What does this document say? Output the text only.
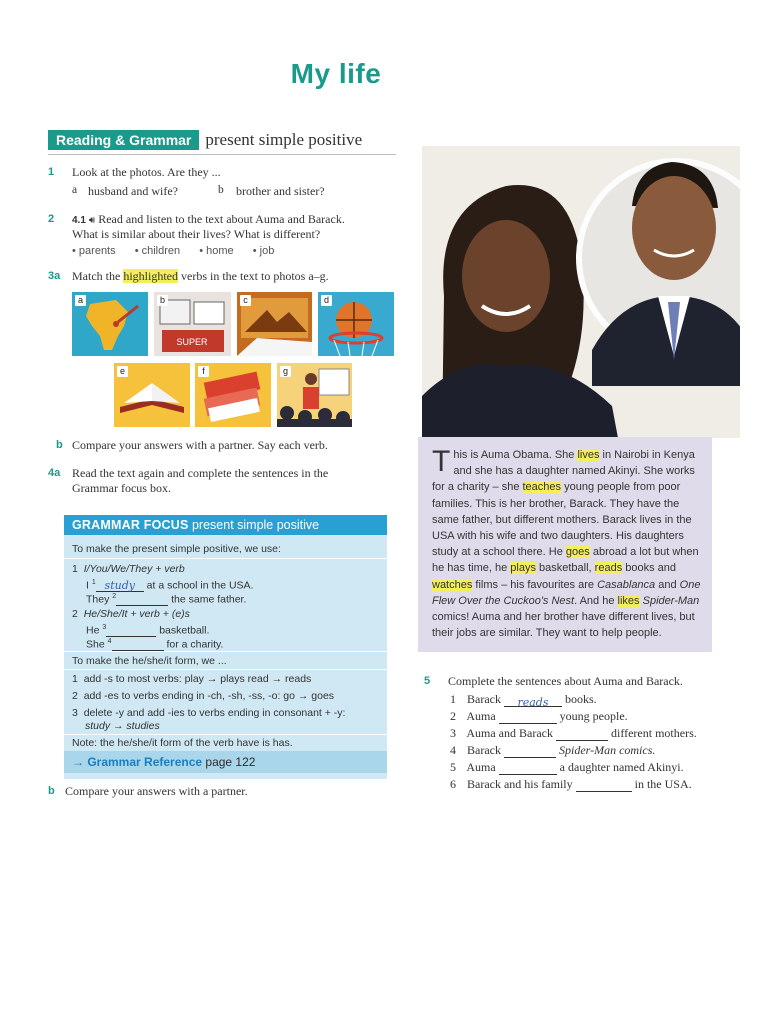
My life
Reading & Grammar present simple positive
1 Look at the photos. Are they ...
a husband and wife?	b brother and sister?
2 4.1 🔊︎ Read and listen to the text about Auma and Barack.
What is similar about their lives? What is different?
• parents • children • home • job
3a Match the highlighted verbs in the text to photos a–g.
a
SUPER
b	c	d
e	f	g
b Compare your answers with a partner. Say each verb.
4a Read the text again and complete the sentences in the
Grammar focus box.
GRAMMAR FOCUS present simple positive
To make the present simple positive, we use:
1 I/You/We/They + verb
I $^1$ study at a school in the USA.
They $^2$	the same father.
2 He/She/It + verb + (e)s
He $^3$	basketball.
She $^4$	for a charity.
To make the he/she/it form, we ...
1 add -s to most verbs: play → plays read → reads
2 add -es to verbs ending in -ch, -sh, -ss, -o: go → goes
3 delete -y and add -ies to verbs ending in consonant + -y:
study → studies
Note: the he/she/it form of the verb have is has.
→ Grammar Reference page 122
b Compare your answers with a partner.
This is Auma Obama. She lives in Nairobi in Kenya and she has a daughter named Akinyi. She works for a charity – she teaches young people from poor families. This is her brother, Barack. They have the same father, but different mothers. Barack lives in the USA with his wife and two daughters. His daughters study at a school there. He goes abroad a lot but when he has time, he plays basketball, reads books and watches films – his favourites are Casablanca and One Flew Over the Cuckoo's Nest. And he likes Spider-Man comics! Auma and her brother have different lives, but their jobs are similar. They want to help people.
5 Complete the sentences about Auma and Barack.
1 Barack reads books.
2 Auma	young people.
3 Auma and Barack	different mothers.
4 Barack	Spider-Man comics.
5 Auma	a daughter named Akinyi.
6 Barack and his family	in the USA.
